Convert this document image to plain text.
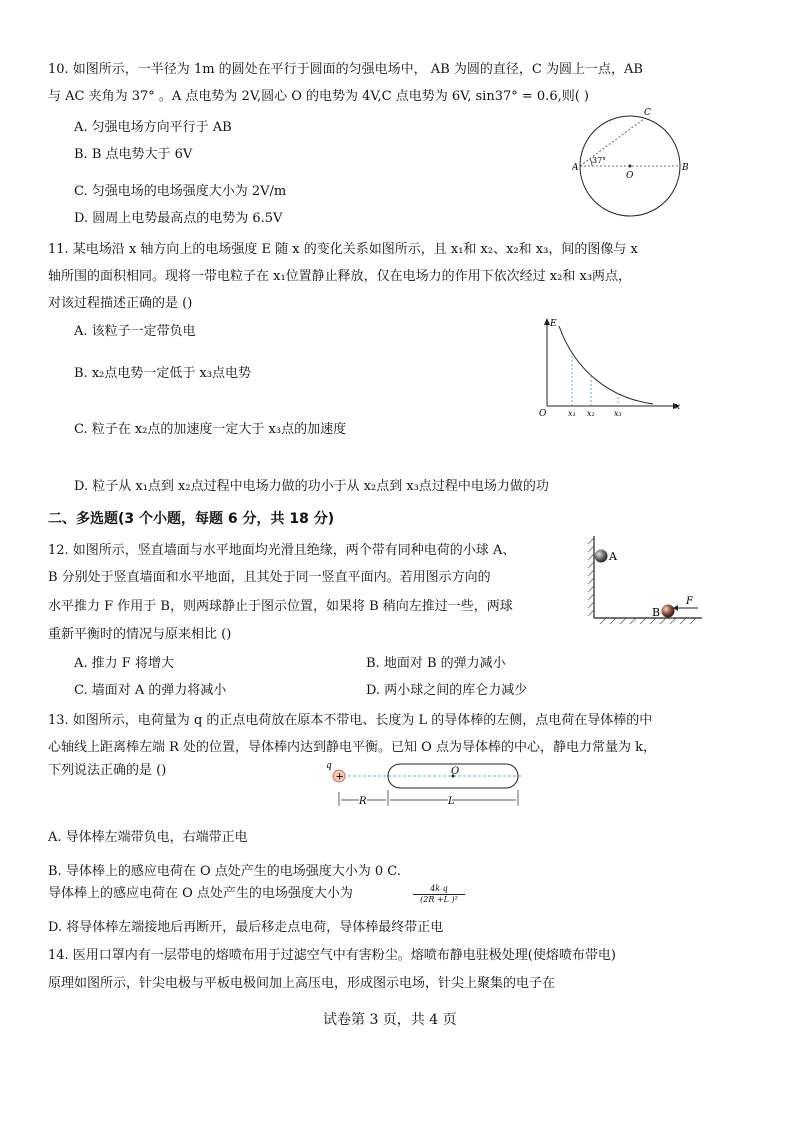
10. 如图所示，一半径为 1m 的圆处在平行于圆面的匀强电场中， AB 为圆的直径，C 为圆上一点，AB
与 AC 夹角为 37° 。A 点电势为 2V,圆心 O 的电势为 4V,C 点电势为 6V, sin37° = 0.6,则( )
A. 匀强电场方向平行于 AB
B. B 点电势大于 6V
C. 匀强电场的电场强度大小为 2V/m
D. 圆周上电势最高点的电势为 6.5V
A	B
C
O
37°
11. 某电场沿 x 轴方向上的电场强度 E 随 x 的变化关系如图所示，且 x₁和 x₂、x₂和 x₃，间的图像与 x
轴所围的面积相同。现将一带电粒子在 x₁位置静止释放，仅在电场力的作用下依次经过 x₂和 x₃两点，
对该过程描述正确的是 ()
A. 该粒子一定带负电
B. x₂点电势一定低于 x₃点电势
C. 粒子在 x₂点的加速度一定大于 x₃点的加速度
D. 粒子从 x₁点到 x₂点过程中电场力做的功小于从 x₂点到 x₃点过程中电场力做的功
E
x
O	x₁ x₂ x₃
二、多选题(3 个小题，每题 6 分，共 18 分)
12. 如图所示，竖直墙面与水平地面均光滑且绝缘，两个带有同种电荷的小球 A、
B 分别处于竖直墙面和水平地面，且其处于同一竖直平面内。若用图示方向的
水平推力 F 作用于 B，则两球静止于图示位置，如果将 B 稍向左推过一些，两球
重新平衡时的情况与原来相比 ()
A. 推力 F 将增大	B. 地面对 B 的弹力减小
C. 墙面对 A 的弹力将减小	D. 两小球之间的库仑力减少
A
B
F
13. 如图所示，电荷量为 q 的正点电荷放在原本不带电、长度为 L 的导体棒的左侧，点电荷在导体棒的中
心轴线上距离棒左端 R 处的位置，导体棒内达到静电平衡。已知 O 点为导体棒的中心，静电力常量为 k，
下列说法正确的是 ()	+
q	O
R	L
A. 导体棒左端带负电，右端带正电
B. 导体棒上的感应电荷在 O 点处产生的电场强度大小为 0 C.
导体棒上的感应电荷在 O 点处产生的电场强度大小为	4k q
(2R +L )²
D. 将导体棒左端接地后再断开，最后移走点电荷，导体棒最终带正电
14. 医用口罩内有一层带电的熔喷布用于过滤空气中有害粉尘。熔喷布静电驻极处理(使熔喷布带电)
原理如图所示，针尖电极与平板电极间加上高压电，形成图示电场，针尖上聚集的电子在
试卷第 3 页，共 4 页
